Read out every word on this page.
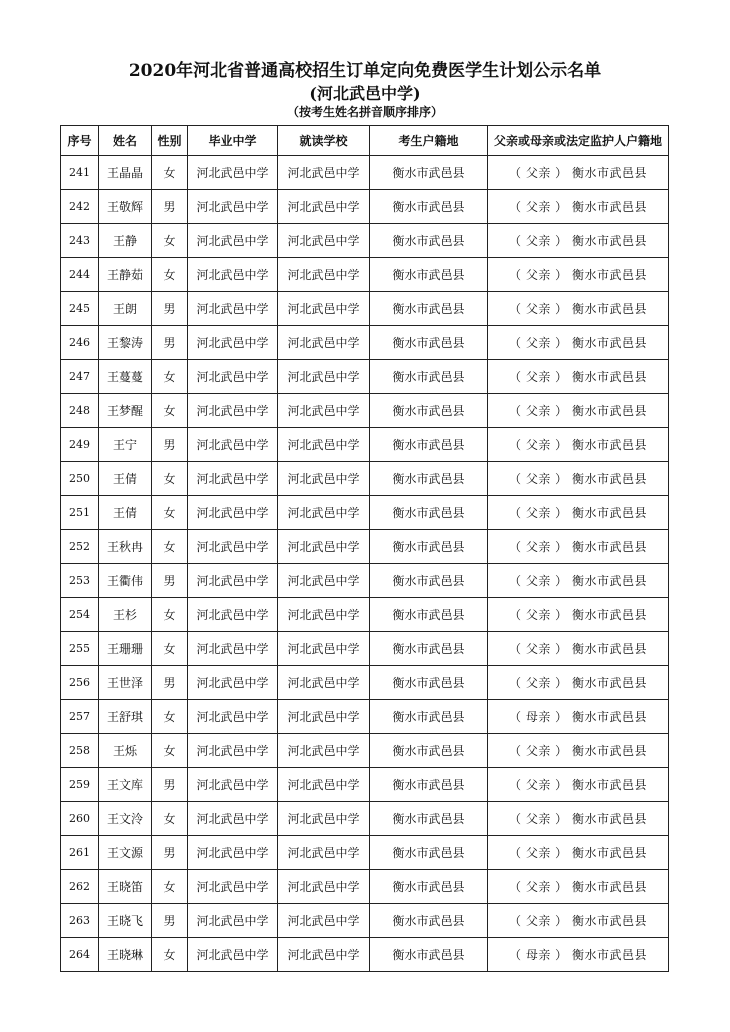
2020年河北省普通高校招生订单定向免费医学生计划公示名单
(河北武邑中学)
（按考生姓名拼音顺序排序）
序号	姓名	性别	毕业中学	就读学校	考生户籍地	父亲或母亲或法定监护人户籍地
241	王晶晶	女	河北武邑中学	河北武邑中学	衡水市武邑县	（ 父亲 ） 衡水市武邑县
242	王敬辉	男	河北武邑中学	河北武邑中学	衡水市武邑县	（ 父亲 ） 衡水市武邑县
243	王静	女	河北武邑中学	河北武邑中学	衡水市武邑县	（ 父亲 ） 衡水市武邑县
244	王静茹	女	河北武邑中学	河北武邑中学	衡水市武邑县	（ 父亲 ） 衡水市武邑县
245	王朗	男	河北武邑中学	河北武邑中学	衡水市武邑县	（ 父亲 ） 衡水市武邑县
246	王黎涛	男	河北武邑中学	河北武邑中学	衡水市武邑县	（ 父亲 ） 衡水市武邑县
247	王蔓蔓	女	河北武邑中学	河北武邑中学	衡水市武邑县	（ 父亲 ） 衡水市武邑县
248	王梦醒	女	河北武邑中学	河北武邑中学	衡水市武邑县	（ 父亲 ） 衡水市武邑县
249	王宁	男	河北武邑中学	河北武邑中学	衡水市武邑县	（ 父亲 ） 衡水市武邑县
250	王倩	女	河北武邑中学	河北武邑中学	衡水市武邑县	（ 父亲 ） 衡水市武邑县
251	王倩	女	河北武邑中学	河北武邑中学	衡水市武邑县	（ 父亲 ） 衡水市武邑县
252	王秋冉	女	河北武邑中学	河北武邑中学	衡水市武邑县	（ 父亲 ） 衡水市武邑县
253	王衢伟	男	河北武邑中学	河北武邑中学	衡水市武邑县	（ 父亲 ） 衡水市武邑县
254	王杉	女	河北武邑中学	河北武邑中学	衡水市武邑县	（ 父亲 ） 衡水市武邑县
255	王珊珊	女	河北武邑中学	河北武邑中学	衡水市武邑县	（ 父亲 ） 衡水市武邑县
256	王世泽	男	河北武邑中学	河北武邑中学	衡水市武邑县	（ 父亲 ） 衡水市武邑县
257	王舒琪	女	河北武邑中学	河北武邑中学	衡水市武邑县	（ 母亲 ） 衡水市武邑县
258	王烁	女	河北武邑中学	河北武邑中学	衡水市武邑县	（ 父亲 ） 衡水市武邑县
259	王文库	男	河北武邑中学	河北武邑中学	衡水市武邑县	（ 父亲 ） 衡水市武邑县
260	王文泠	女	河北武邑中学	河北武邑中学	衡水市武邑县	（ 父亲 ） 衡水市武邑县
261	王文源	男	河北武邑中学	河北武邑中学	衡水市武邑县	（ 父亲 ） 衡水市武邑县
262	王晓笛	女	河北武邑中学	河北武邑中学	衡水市武邑县	（ 父亲 ） 衡水市武邑县
263	王晓飞	男	河北武邑中学	河北武邑中学	衡水市武邑县	（ 父亲 ） 衡水市武邑县
264	王晓琳	女	河北武邑中学	河北武邑中学	衡水市武邑县	（ 母亲 ） 衡水市武邑县
